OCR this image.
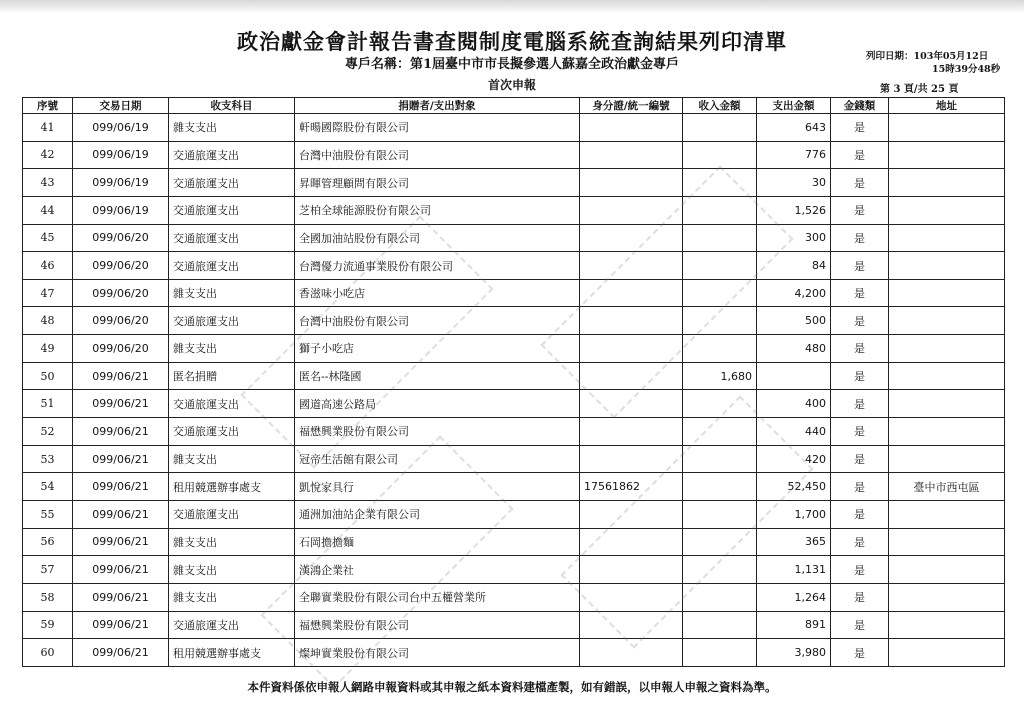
政治獻金會計報告書查閱制度電腦系統查詢結果列印清單
專戶名稱：第1屆臺中市市長擬參選人蘇嘉全政治獻金專戶
首次申報
列印日期：103年05月12日
15時39分48秒
第 3 頁/共 25 頁
序號	交易日期	收支科目	捐贈者/支出對象	身分證/統一編號	收入金額	支出金額	金錢類	地址
41	099/06/19	雜支支出	軒暘國際股份有限公司			643	是	
42	099/06/19	交通旅運支出	台灣中油股份有限公司			776	是	
43	099/06/19	交通旅運支出	昇暉管理顧問有限公司			30	是	
44	099/06/19	交通旅運支出	芝柏全球能源股份有限公司			1,526	是	
45	099/06/20	交通旅運支出	全國加油站股份有限公司			300	是	
46	099/06/20	交通旅運支出	台灣優力流通事業股份有限公司			84	是	
47	099/06/20	雜支支出	香滋味小吃店			4,200	是	
48	099/06/20	交通旅運支出	台灣中油股份有限公司			500	是	
49	099/06/20	雜支支出	獅子小吃店			480	是	
50	099/06/21	匿名捐贈	匿名--林隆國		1,680		是	
51	099/06/21	交通旅運支出	國道高速公路局			400	是	
52	099/06/21	交通旅運支出	福懋興業股份有限公司			440	是	
53	099/06/21	雜支支出	冠帝生活館有限公司			420	是	
54	099/06/21	租用競選辦事處支	凱悅家具行	17561862		52,450	是	臺中市西屯區
55	099/06/21	交通旅運支出	通洲加油站企業有限公司			1,700	是	
56	099/06/21	雜支支出	石岡擔擔麵			365	是	
57	099/06/21	雜支支出	漢鴻企業社			1,131	是	
58	099/06/21	雜支支出	全聯實業股份有限公司台中五權營業所			1,264	是	
59	099/06/21	交通旅運支出	福懋興業股份有限公司			891	是	
60	099/06/21	租用競選辦事處支	燦坤實業股份有限公司			3,980	是	
本件資料係依申報人網路申報資料或其申報之紙本資料建檔產製，如有錯誤，以申報人申報之資料為準。
